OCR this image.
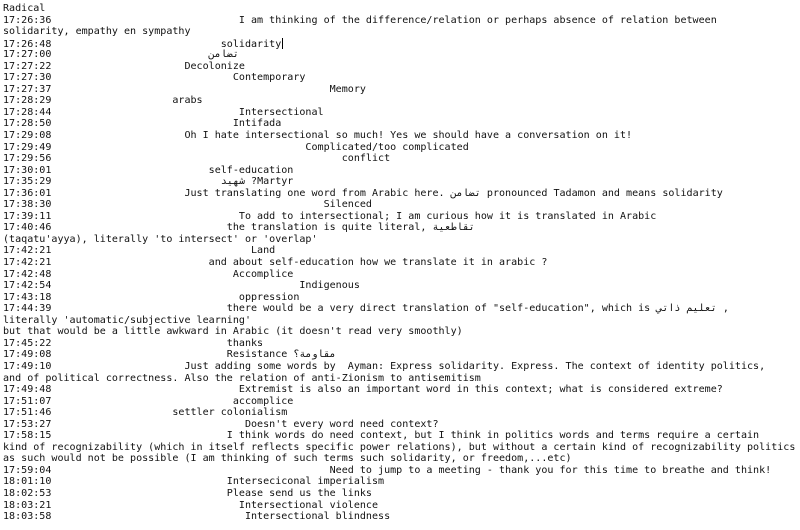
Radical
17:26:36                               I am thinking of the difference/relation or perhaps absence of relation between
solidarity, empathy en sympathy
17:26:48                            solidarity
17:27:00                          تضامن
17:27:22                      Decolonize
17:27:30                              Contemporary
17:27:37                                              Memory
17:28:29                    arabs
17:28:44                               Intersectional
17:28:50                              Intifada
17:29:08                      Oh I hate intersectional so much! Yes we should have a conversation on it!
17:29:49                                          Complicated/too complicated
17:29:56                                                conflict
17:30:01                          self-education
17:35:29                            شهيد ?Martyr
17:36:01                      Just translating one word from Arabic here. تضامن pronounced Tadamon and means solidarity
17:38:30                                             Silenced
17:39:11                               To add to intersectional; I am curious how it is translated in Arabic
17:40:46                             the translation is quite literal, تقاطعية
(taqatu'ayya), literally 'to intersect' or 'overlap'
17:42:21                                 Land
17:42:21                          and about self-education how we translate it in arabic ?
17:42:48                              Accomplice
17:42:54                                         Indigenous
17:43:18                               oppression
17:44:39                             there would be a very direct translation of "self-education", which is تعليم ذاتي ,
literally 'automatic/subjective learning'
but that would be a little awkward in Arabic (it doesn't read very smoothly)
17:45:22                             thanks
17:49:08                             Resistance مقاومة؟
17:49:10                      Just adding some words by  Ayman: Express solidarity. Express. The context of identity politics,
and of political correctness. Also the relation of anti-Zionism to antisemitism
17:49:48                               Extremist is also an important word in this context; what is considered extreme?
17:51:07                              accomplice
17:51:46                    settler colonialism
17:53:27                                Doesn't every word need context?
17:58:15                             I think words do need context, but I think in politics words and terms require a certain
kind of recognizability (which in itself reflects specific power relations), but without a certain kind of recognizability politics
as such would not be possible (I am thinking of such terms such solidarity, or freedom,...etc)
17:59:04                                              Need to jump to a meeting - thank you for this time to breathe and think!
18:01:10                             Interseciconal imperialism
18:02:53                             Please send us the links
18:03:21                               Intersectional violence
18:03:58                                Intersectional blindness
